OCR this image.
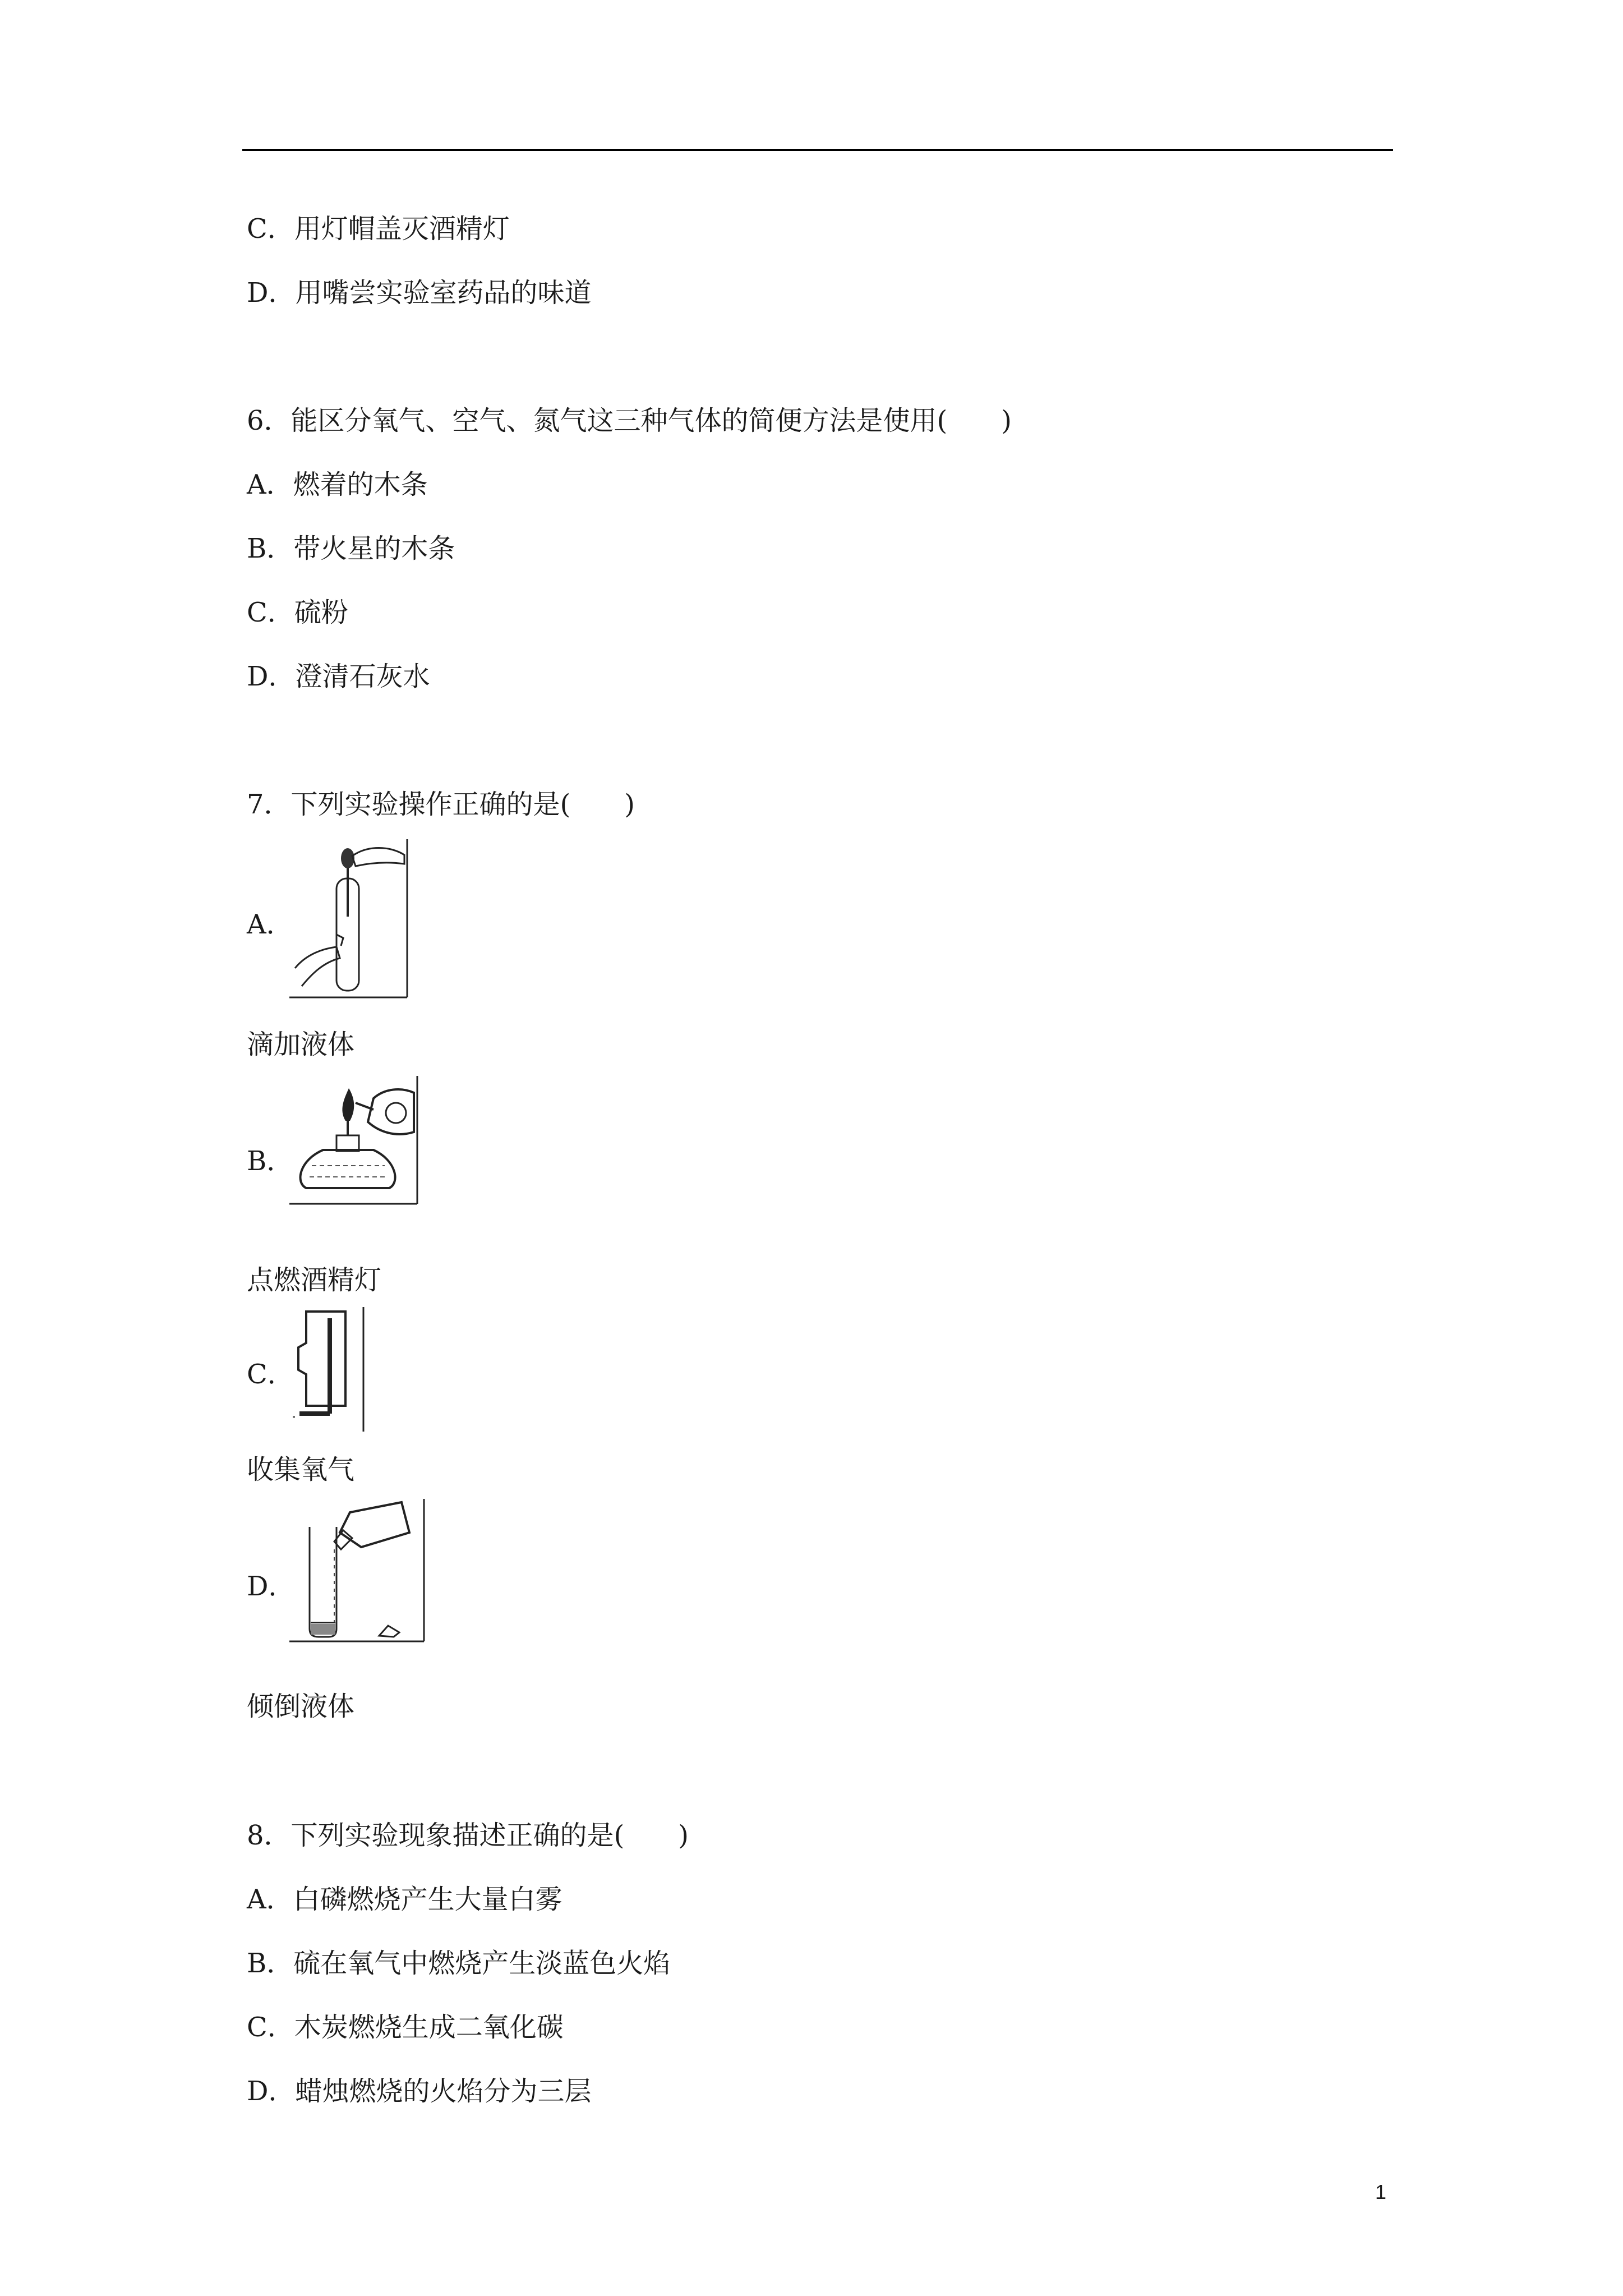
C．用灯帽盖灭酒精灯
D．用嘴尝实验室药品的味道
6．能区分氧气、空气、氮气这三种气体的简便方法是使用(　　)
A．燃着的木条
B．带火星的木条
C．硫粉
D．澄清石灰水
7．下列实验操作正确的是(　　)
A．
滴加液体
B．
点燃酒精灯
C．
收集氧气
D．
倾倒液体
8．下列实验现象描述正确的是(　　)
A．白磷燃烧产生大量白雾
B．硫在氧气中燃烧产生淡蓝色火焰
C．木炭燃烧生成二氧化碳
D．蜡烛燃烧的火焰分为三层
1
